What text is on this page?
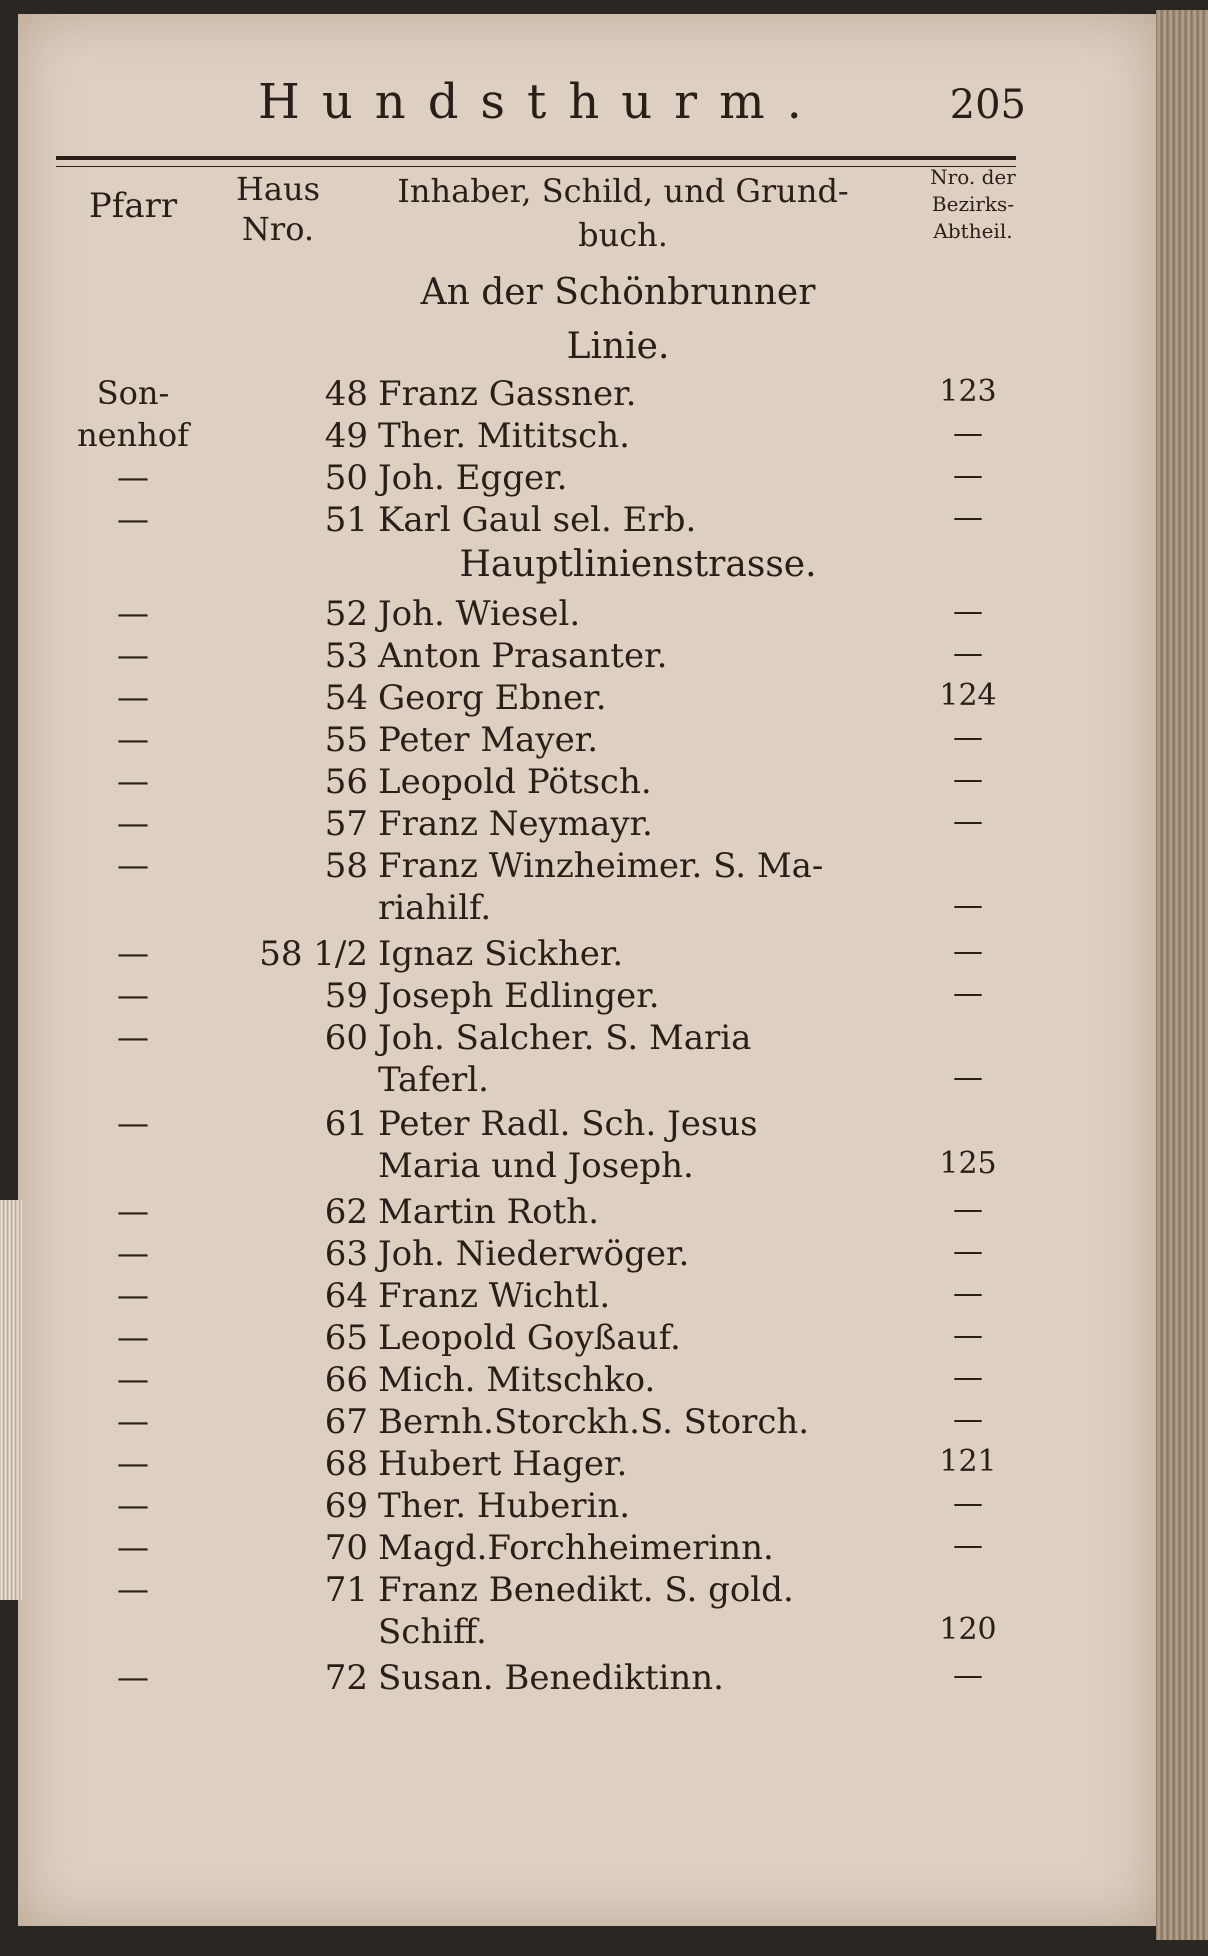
Hundsthurm.	205
Pfarr	Haus
Nro.
Inhaber, Schild, und Grund-
buch.
Nro. der
Bezirks-
Abtheil.
An der Schönbrunner
Linie.
Hauptlinienstrasse.
Son-	48 Franz Gassner.	123
nenhof	49 Ther. Mititsch.	—
—	50 Joh. Egger.	—
—	51 Karl Gaul sel. Erb.	—
—	52 Joh. Wiesel.	—
—	53 Anton Prasanter.	—
—	54 Georg Ebner.	124
—	55 Peter Mayer.	—
—	56 Leopold Pötsch.	—
—	57 Franz Neymayr.	—
—	58 Franz Winzheimer. S. Ma-
riahilf.	—
—	58 1/2 Ignaz Sickher.	—
—	59 Joseph Edlinger.	—
—	60 Joh. Salcher. S. Maria
Taferl.	—
—	61 Peter Radl. Sch. Jesus
Maria und Joseph.	125
—	62 Martin Roth.	—
—	63 Joh. Niederwöger.	—
—	64 Franz Wichtl.	—
—	65 Leopold Goyßauf.	—
—	66 Mich. Mitschko.	—
—	67 Bernh.Storckh.S. Storch.	—
—	68 Hubert Hager.	121
—	69 Ther. Huberin.	—
—	70 Magd.Forchheimerinn.	—
—	71 Franz Benedikt. S. gold.
Schiff.	120
—	72 Susan. Benediktinn.	—
